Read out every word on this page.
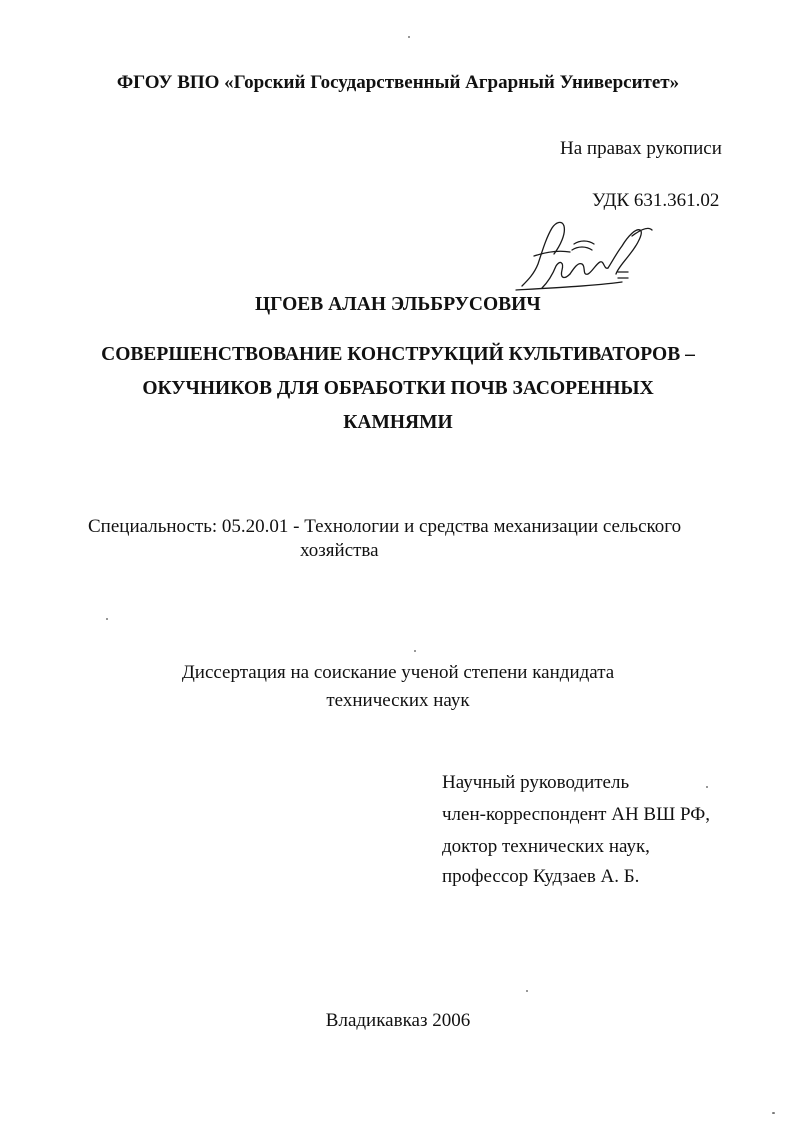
ФГОУ ВПО «Горский Государственный Аграрный Университет»
На правах рукописи
УДК 631.361.02
ЦГОЕВ АЛАН ЭЛЬБРУСОВИЧ
СОВЕРШЕНСТВОВАНИЕ КОНСТРУКЦИЙ КУЛЬТИВАТОРОВ –
ОКУЧНИКОВ ДЛЯ ОБРАБОТКИ ПОЧВ ЗАСОРЕННЫХ
КАМНЯМИ
Специальность: 05.20.01 - Технологии и средства механизации сельского
хозяйства
Диссертация на соискание ученой степени кандидата
технических наук
Научный руководитель
член-корреспондент АН ВШ РФ,
доктор технических наук,
профессор Кудзаев А. Б.
Владикавказ 2006
